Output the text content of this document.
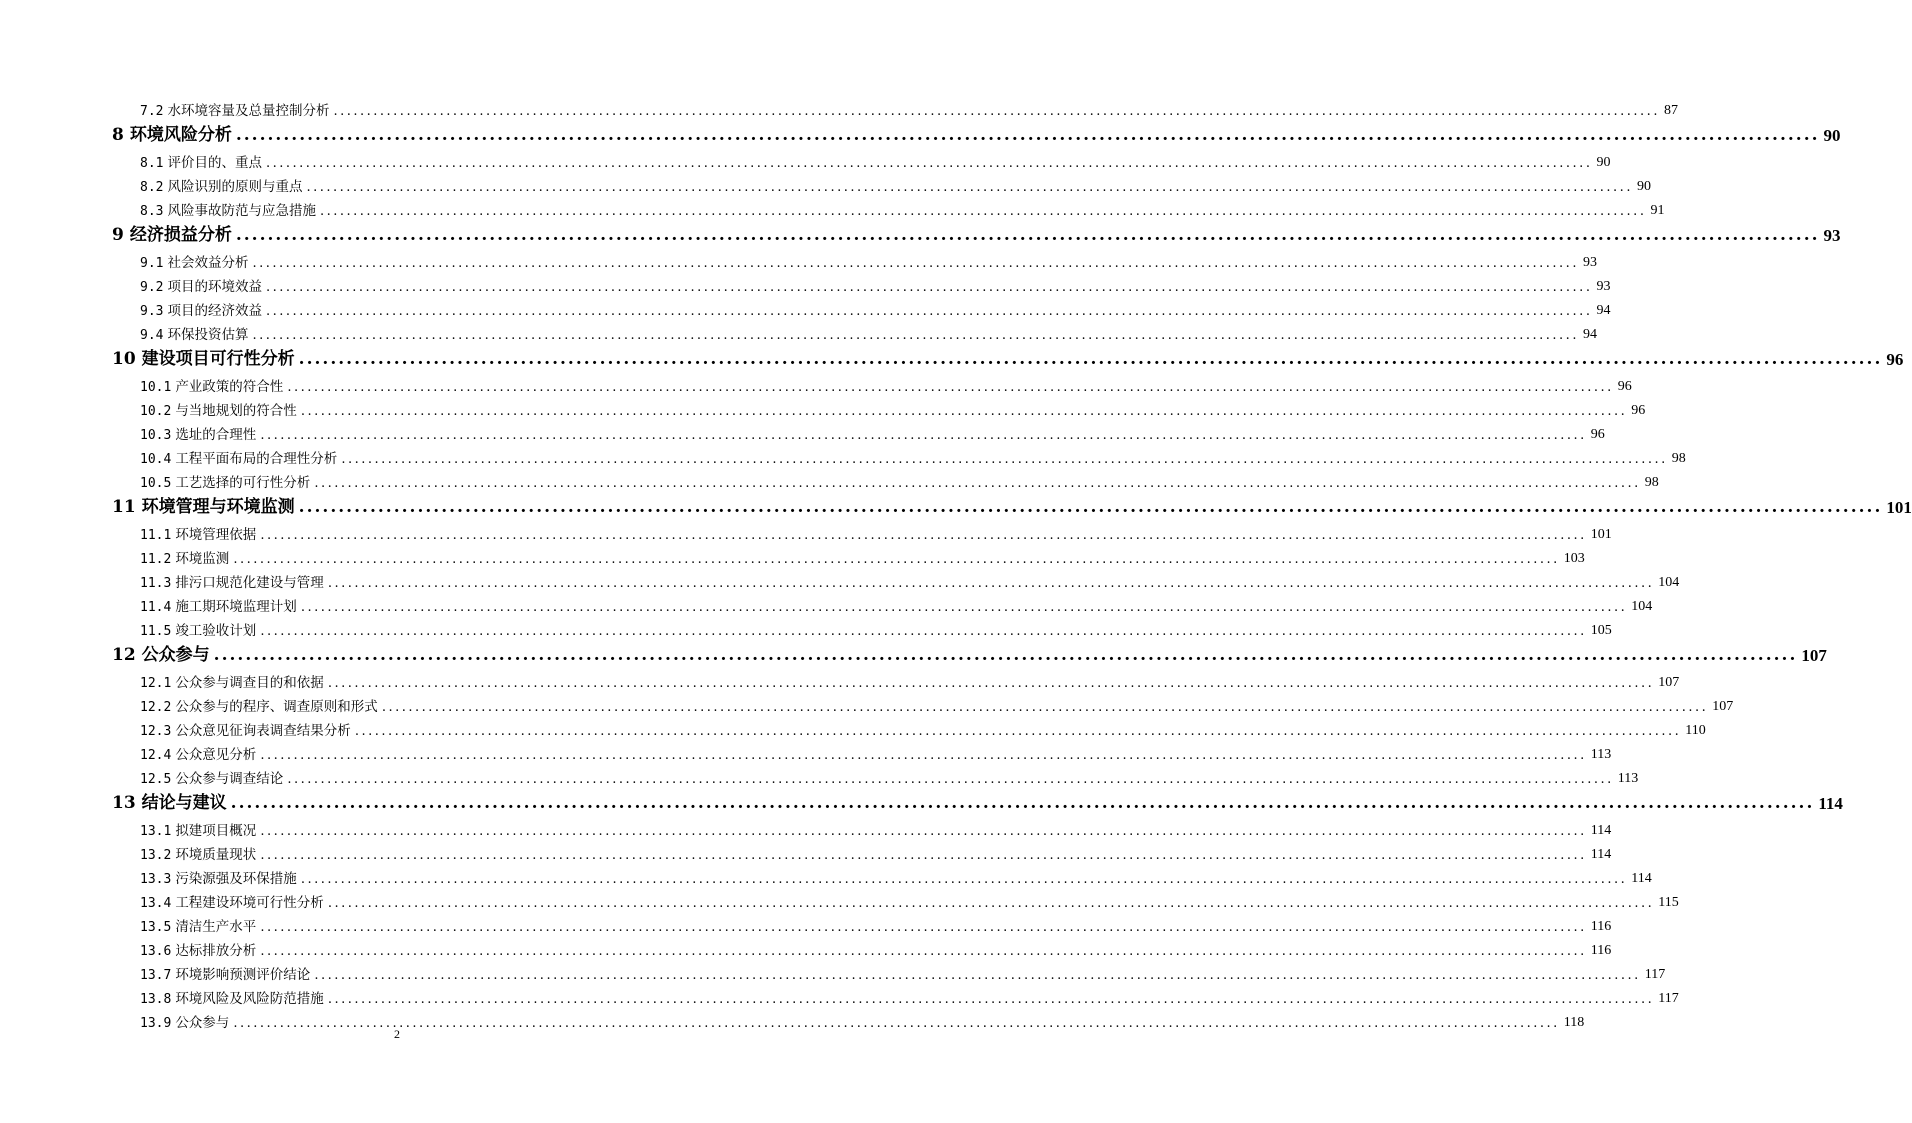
7.2 水环境容量及总量控制分析 ........................................................................................................................................................................................................ 87
8 环境风险分析 ........................................................................................................................................................................................................ 90
8.1 评价目的、重点 ........................................................................................................................................................................................................ 90
8.2 风险识别的原则与重点 ........................................................................................................................................................................................................ 90
8.3 风险事故防范与应急措施 ........................................................................................................................................................................................................ 91
9 经济损益分析 ........................................................................................................................................................................................................ 93
9.1 社会效益分析 ........................................................................................................................................................................................................ 93
9.2 项目的环境效益 ........................................................................................................................................................................................................ 93
9.3 项目的经济效益 ........................................................................................................................................................................................................ 94
9.4 环保投资估算 ........................................................................................................................................................................................................ 94
10 建设项目可行性分析 ........................................................................................................................................................................................................ 96
10.1 产业政策的符合性 ........................................................................................................................................................................................................ 96
10.2 与当地规划的符合性 ........................................................................................................................................................................................................ 96
10.3 选址的合理性 ........................................................................................................................................................................................................ 96
10.4 工程平面布局的合理性分析 ........................................................................................................................................................................................................ 98
10.5 工艺选择的可行性分析 ........................................................................................................................................................................................................ 98
11 环境管理与环境监测 ........................................................................................................................................................................................................ 101
11.1 环境管理依据 ........................................................................................................................................................................................................ 101
11.2 环境监测 ........................................................................................................................................................................................................ 103
11.3 排污口规范化建设与管理 ........................................................................................................................................................................................................ 104
11.4 施工期环境监理计划 ........................................................................................................................................................................................................ 104
11.5 竣工验收计划 ........................................................................................................................................................................................................ 105
12 公众参与 ........................................................................................................................................................................................................ 107
12.1 公众参与调查目的和依据 ........................................................................................................................................................................................................ 107
12.2 公众参与的程序、调查原则和形式 ........................................................................................................................................................................................................ 107
12.3 公众意见征询表调查结果分析 ........................................................................................................................................................................................................ 110
12.4 公众意见分析 ........................................................................................................................................................................................................ 113
12.5 公众参与调查结论 ........................................................................................................................................................................................................ 113
13 结论与建议 ........................................................................................................................................................................................................ 114
13.1 拟建项目概况 ........................................................................................................................................................................................................ 114
13.2 环境质量现状 ........................................................................................................................................................................................................ 114
13.3 污染源强及环保措施 ........................................................................................................................................................................................................ 114
13.4 工程建设环境可行性分析 ........................................................................................................................................................................................................ 115
13.5 清洁生产水平 ........................................................................................................................................................................................................ 116
13.6 达标排放分析 ........................................................................................................................................................................................................ 116
13.7 环境影响预测评价结论 ........................................................................................................................................................................................................ 117
13.8 环境风险及风险防范措施 ........................................................................................................................................................................................................ 117
13.9 公众参与 ........................................................................................................................................................................................................ 118
2
